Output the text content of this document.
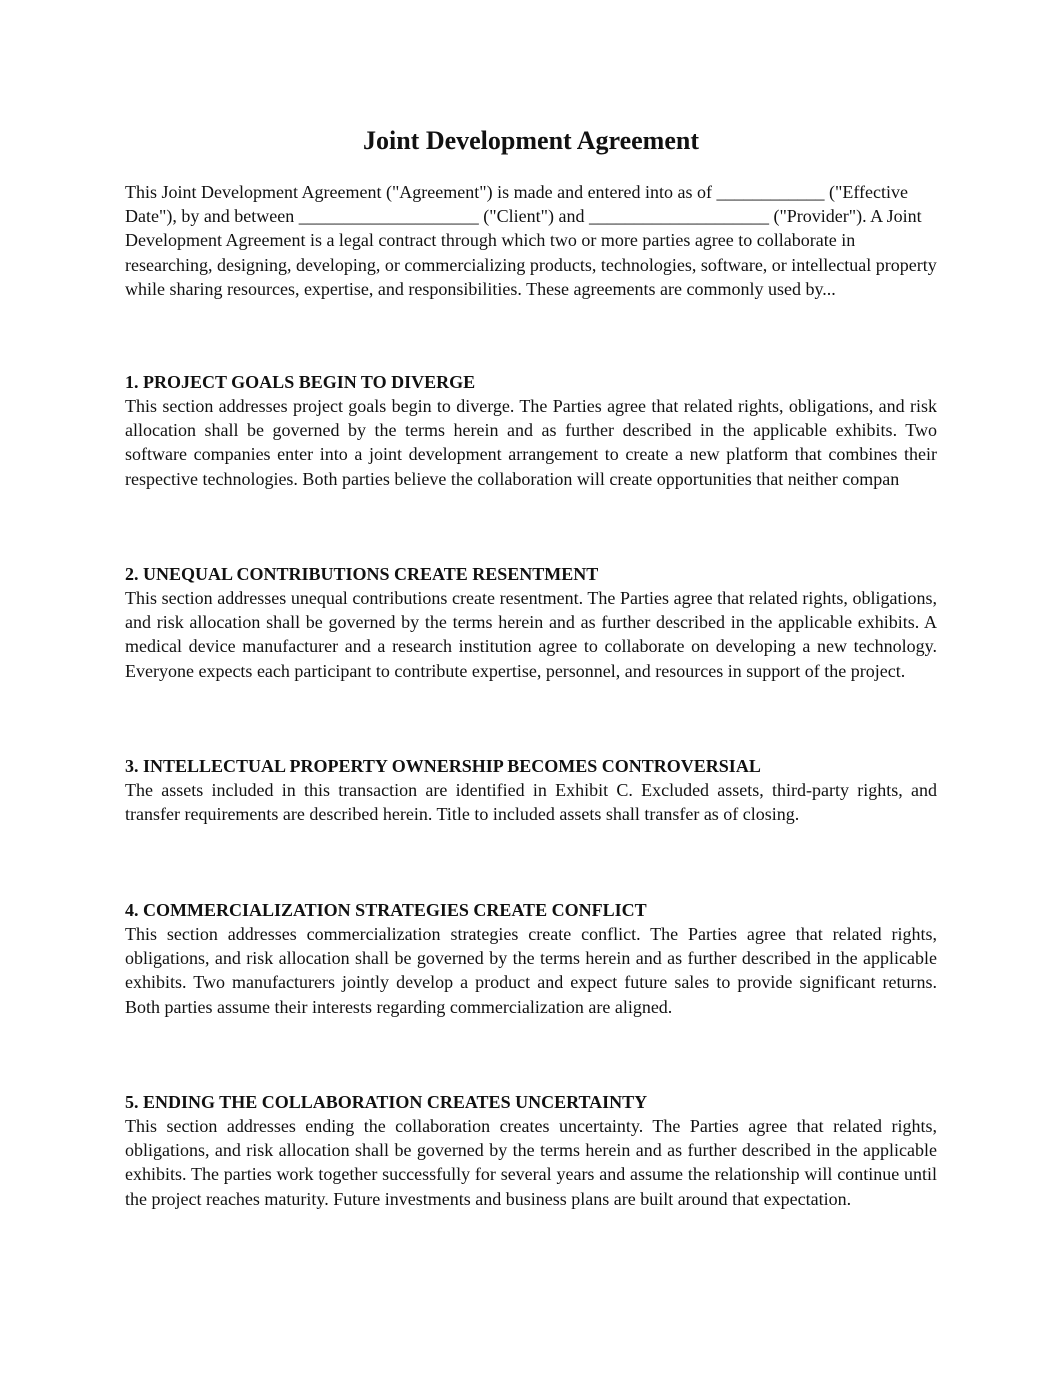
Joint Development Agreement

This Joint Development Agreement ("Agreement") is made and entered into as of ____________ ("Effective Date"), by and between ____________________ ("Client") and ____________________ ("Provider"). A Joint Development Agreement is a legal contract through which two or more parties agree to collaborate in researching, designing, developing, or commercializing products, technologies, software, or intellectual property while sharing resources, expertise, and responsibilities. These agreements are commonly used by...

1. PROJECT GOALS BEGIN TO DIVERGE

This section addresses project goals begin to diverge. The Parties agree that related rights, obligations, and risk allocation shall be governed by the terms herein and as further described in the applicable exhibits. Two software companies enter into a joint development arrangement to create a new platform that combines their respective technologies. Both parties believe the collaboration will create opportunities that neither compan

2. UNEQUAL CONTRIBUTIONS CREATE RESENTMENT

This section addresses unequal contributions create resentment. The Parties agree that related rights, obligations, and risk allocation shall be governed by the terms herein and as further described in the applicable exhibits. A medical device manufacturer and a research institution agree to collaborate on developing a new technology. Everyone expects each participant to contribute expertise, personnel, and resources in support of the project.

3. INTELLECTUAL PROPERTY OWNERSHIP BECOMES CONTROVERSIAL

The assets included in this transaction are identified in Exhibit C. Excluded assets, third-party rights, and transfer requirements are described herein. Title to included assets shall transfer as of closing.

4. COMMERCIALIZATION STRATEGIES CREATE CONFLICT

This section addresses commercialization strategies create conflict. The Parties agree that related rights, obligations, and risk allocation shall be governed by the terms herein and as further described in the applicable exhibits. Two manufacturers jointly develop a product and expect future sales to provide significant returns. Both parties assume their interests regarding commercialization are aligned.

5. ENDING THE COLLABORATION CREATES UNCERTAINTY

This section addresses ending the collaboration creates uncertainty. The Parties agree that related rights, obligations, and risk allocation shall be governed by the terms herein and as further described in the applicable exhibits. The parties work together successfully for several years and assume the relationship will continue until the project reaches maturity. Future investments and business plans are built around that expectation.
